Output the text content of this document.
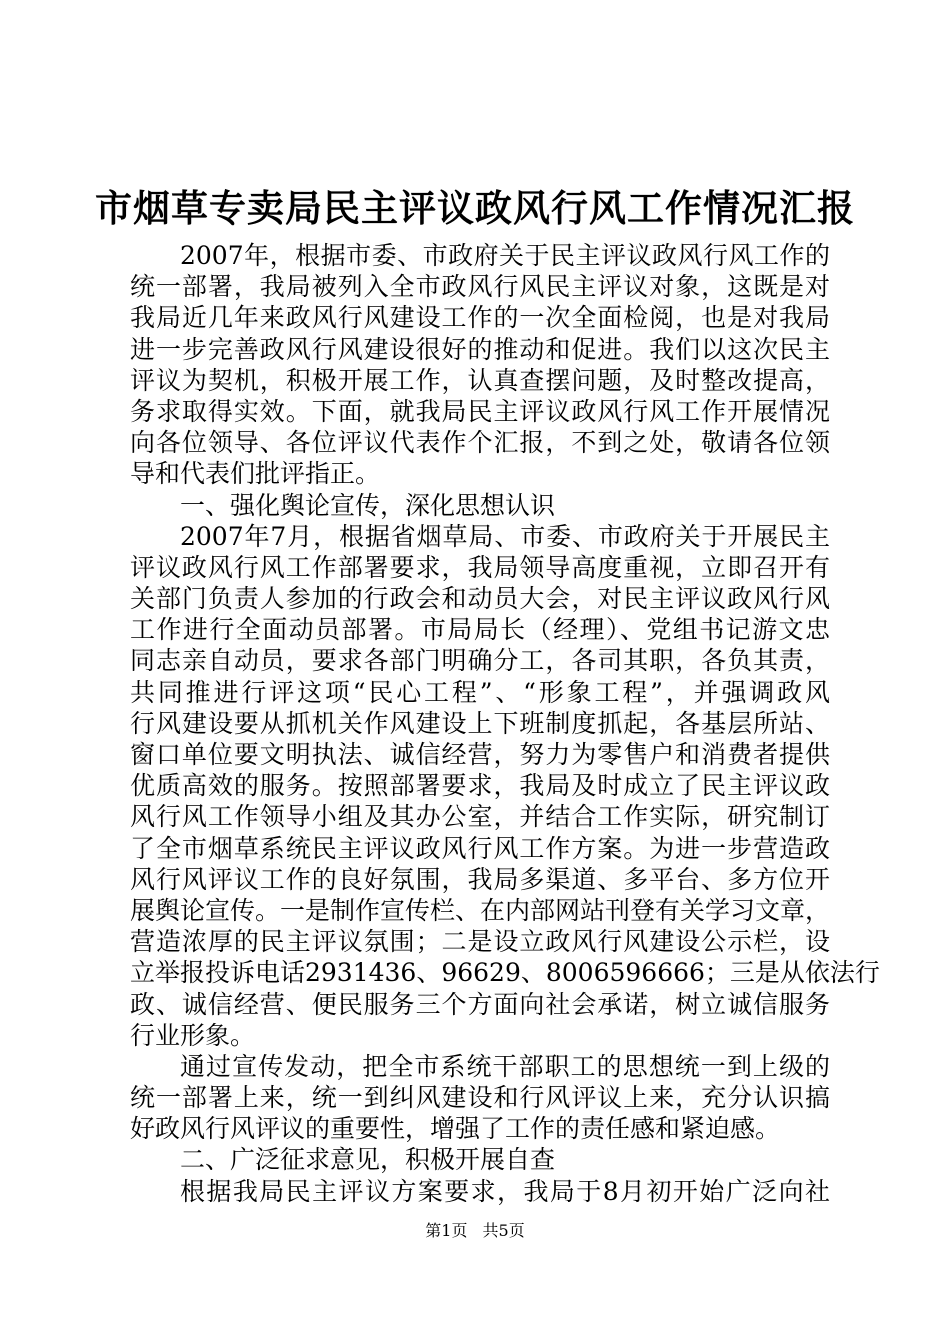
市烟草专卖局民主评议政风行风工作情况汇报
2007年，根据市委、市政府关于民主评议政风行风工作的
统一部署，我局被列入全市政风行风民主评议对象，这既是对
我局近几年来政风行风建设工作的一次全面检阅，也是对我局
进一步完善政风行风建设很好的推动和促进。我们以这次民主
评议为契机，积极开展工作，认真查摆问题，及时整改提高，
务求取得实效。下面，就我局民主评议政风行风工作开展情况
向各位领导、各位评议代表作个汇报，不到之处，敬请各位领
导和代表们批评指正。
一、强化舆论宣传，深化思想认识
2007年7月，根据省烟草局、市委、市政府关于开展民主
评议政风行风工作部署要求，我局领导高度重视，立即召开有
关部门负责人参加的行政会和动员大会，对民主评议政风行风
工作进行全面动员部署。市局局长（经理）、党组书记游文忠
同志亲自动员，要求各部门明确分工，各司其职，各负其责，
共同推进行评这项“民心工程”、“形象工程”，并强调政风
行风建设要从抓机关作风建设上下班制度抓起，各基层所站、
窗口单位要文明执法、诚信经营，努力为零售户和消费者提供
优质高效的服务。按照部署要求，我局及时成立了民主评议政
风行风工作领导小组及其办公室，并结合工作实际，研究制订
了全市烟草系统民主评议政风行风工作方案。为进一步营造政
风行风评议工作的良好氛围，我局多渠道、多平台、多方位开
展舆论宣传。一是制作宣传栏、在内部网站刊登有关学习文章，
营造浓厚的民主评议氛围；二是设立政风行风建设公示栏，设
立举报投诉电话2931436、96629、8006596666；三是从依法行
政、诚信经营、便民服务三个方面向社会承诺，树立诚信服务
行业形象。
通过宣传发动，把全市系统干部职工的思想统一到上级的
统一部署上来，统一到纠风建设和行风评议上来，充分认识搞
好政风行风评议的重要性，增强了工作的责任感和紧迫感。
二、广泛征求意见，积极开展自查
根据我局民主评议方案要求，我局于8月初开始广泛向社
第1页 共5页
